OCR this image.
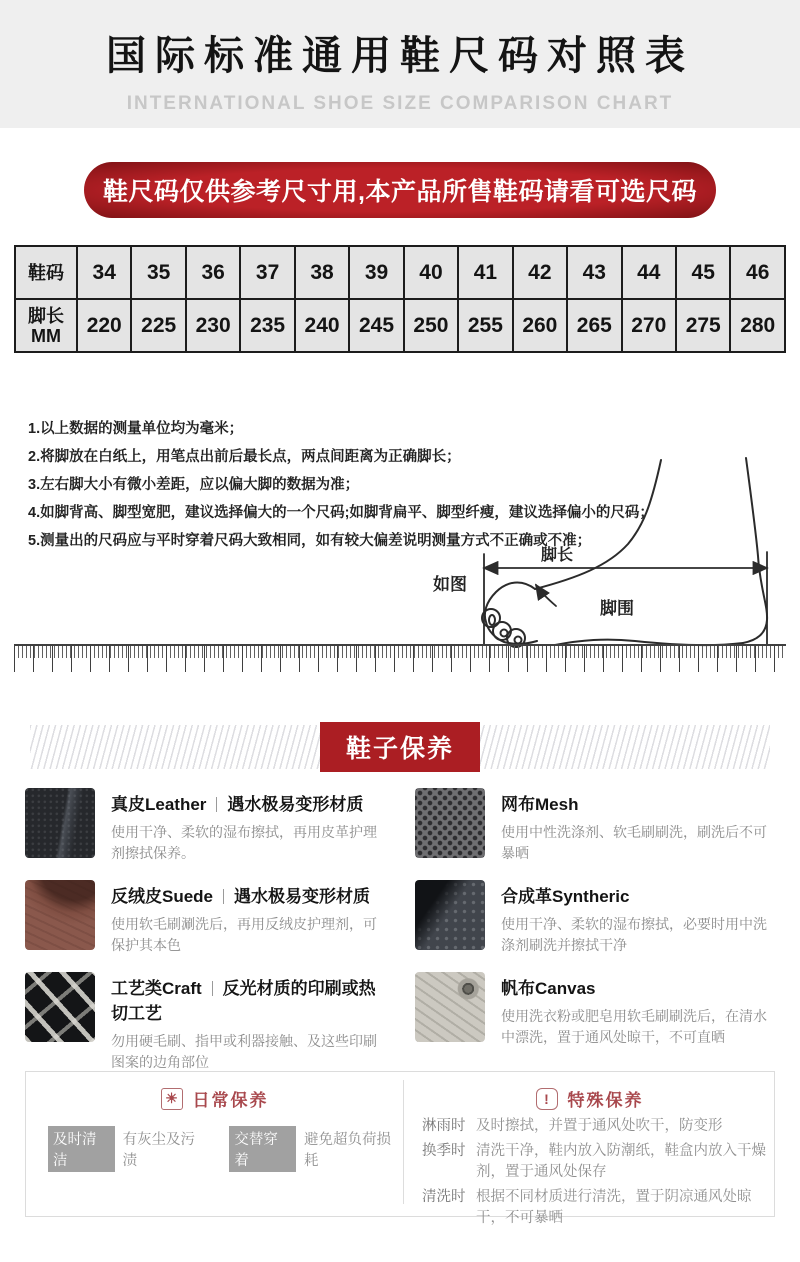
国际标准通用鞋尺码对照表
INTERNATIONAL SHOE SIZE COMPARISON CHART
鞋尺码仅供参考尺寸用,本产品所售鞋码请看可选尺码
鞋码	34	35	36	37	38	39	40	41	42	43	44	45	46
脚长
MM	220	225	230	235	240	245	250	255	260	265	270	275	280

1.以上数据的测量单位均为毫米；

2.将脚放在白纸上，用笔点出前后最长点，两点间距离为正确脚长；

3.左右脚大小有微小差距，应以偏大脚的数据为准；

4.如脚背高、脚型宽肥，建议选择偏大的一个尺码;如脚背扁平、脚型纤瘦，建议选择偏小的尺码；

5.测量出的尺码应与平时穿着尺码大致相同，如有较大偏差说明测量方式不正确或不准；

如图
脚长
脚围
鞋子保养
真皮Leather 遇水极易变形材质
使用干净、柔软的湿布擦拭，再用皮革护理剂擦拭保养。
网布Mesh
使用中性洗涤剂、软毛刷刷洗，刷洗后不可暴晒
反绒皮Suede 遇水极易变形材质
使用软毛刷涮洗后，再用反绒皮护理剂，可保护其本色
合成革Syntheric
使用干净、柔软的湿布擦拭，必要时用中洗涤剂刷洗并擦拭干净
工艺类Craft 反光材质的印刷或热切工艺
勿用硬毛刷、指甲或利器接触、及这些印刷图案的边角部位
帆布Canvas
使用洗衣粉或肥皂用软毛刷刷洗后，在清水中漂洗，置于通风处晾干，不可直晒
☀ 日常保养
及时清洁
有灰尘及污渍
交替穿着
避免超负荷损耗
!	特殊保养
淋雨时 及时擦拭，并置于通风处吹干，防变形
换季时 清洗干净，鞋内放入防潮纸，鞋盒内放入干燥剂，置于通风处保存
清洗时 根据不同材质进行清洗，置于阴凉通风处晾干，不可暴晒
